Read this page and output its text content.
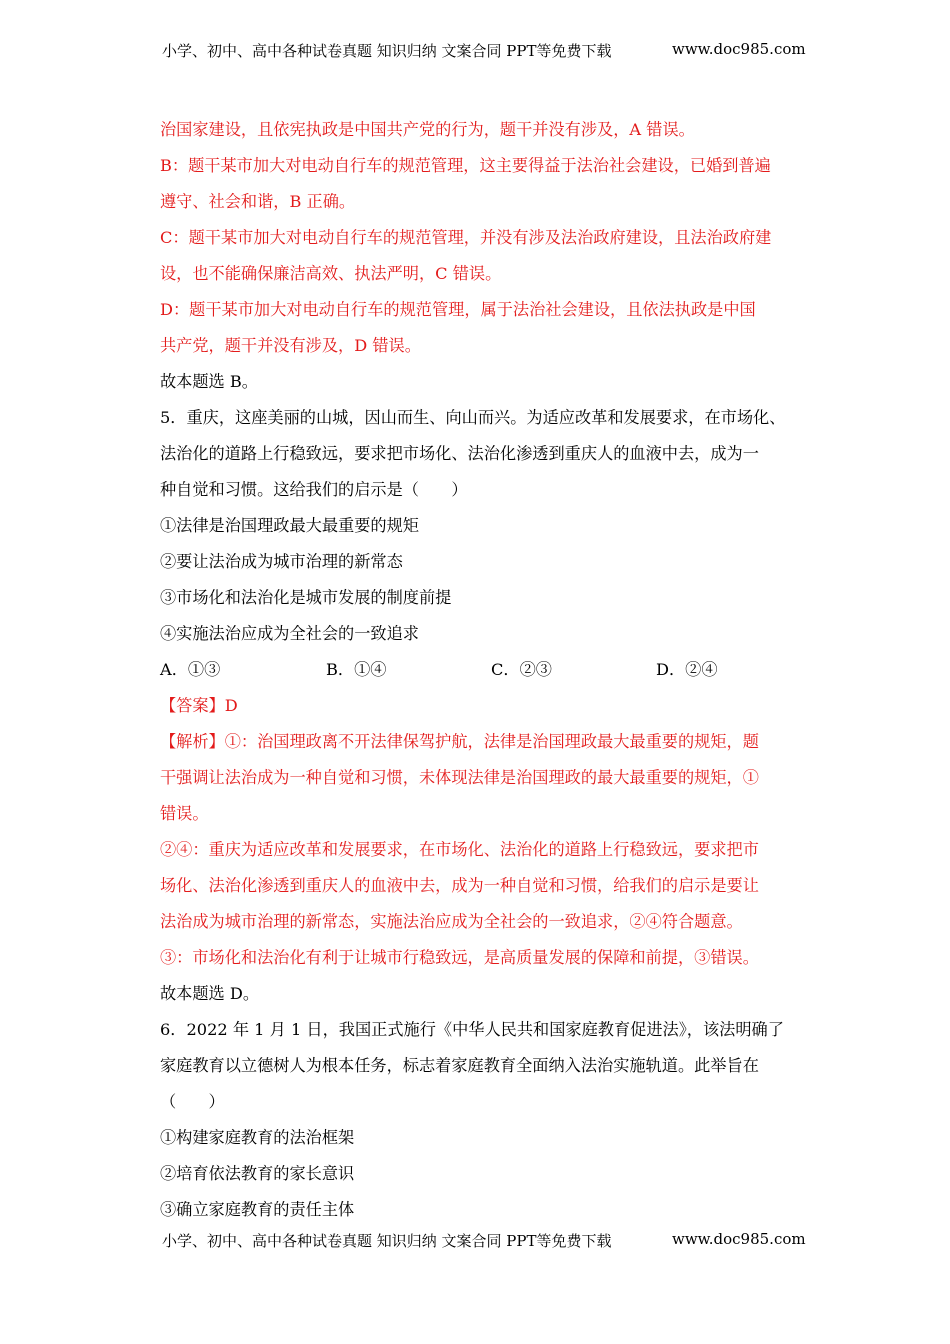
小学、初中、高中各种试卷真题 知识归纳 文案合同 PPT等免费下载	www.doc985.com

治国家建设，且依宪执政是中国共产党的行为，题干并没有涉及，A 错误。

B：题干某市加大对电动自行车的规范管理，这主要得益于法治社会建设，已婚到普遍

遵守、社会和谐，B 正确。

C：题干某市加大对电动自行车的规范管理，并没有涉及法治政府建设，且法治政府建

设，也不能确保廉洁高效、执法严明，C 错误。

D：题干某市加大对电动自行车的规范管理，属于法治社会建设，且依法执政是中国

共产党，题干并没有涉及，D 错误。

故本题选 B。

5．重庆，这座美丽的山城，因山而生、向山而兴。为适应改革和发展要求，在市场化、

法治化的道路上行稳致远，要求把市场化、法治化渗透到重庆人的血液中去，成为一

种自觉和习惯。这给我们的启示是（　　）

①法律是治国理政最大最重要的规矩

②要让法治成为城市治理的新常态

③市场化和法治化是城市发展的制度前提

④实施法治应成为全社会的一致追求

A．①③	B．①④	C．②③	D．②④

【答案】D

【解析】①：治国理政离不开法律保驾护航，法律是治国理政最大最重要的规矩，题

干强调让法治成为一种自觉和习惯，未体现法律是治国理政的最大最重要的规矩，①

错误。

②④：重庆为适应改革和发展要求，在市场化、法治化的道路上行稳致远，要求把市

场化、法治化渗透到重庆人的血液中去，成为一种自觉和习惯，给我们的启示是要让

法治成为城市治理的新常态，实施法治应成为全社会的一致追求，②④符合题意。

③：市场化和法治化有利于让城市行稳致远，是高质量发展的保障和前提，③错误。

故本题选 D。

6．2022 年 1 月 1 日，我国正式施行《中华人民共和国家庭教育促进法》，该法明确了

家庭教育以立德树人为根本任务，标志着家庭教育全面纳入法治实施轨道。此举旨在

（　　）

①构建家庭教育的法治框架

②培育依法教育的家长意识

③确立家庭教育的责任主体

小学、初中、高中各种试卷真题 知识归纳 文案合同 PPT等免费下载	www.doc985.com
